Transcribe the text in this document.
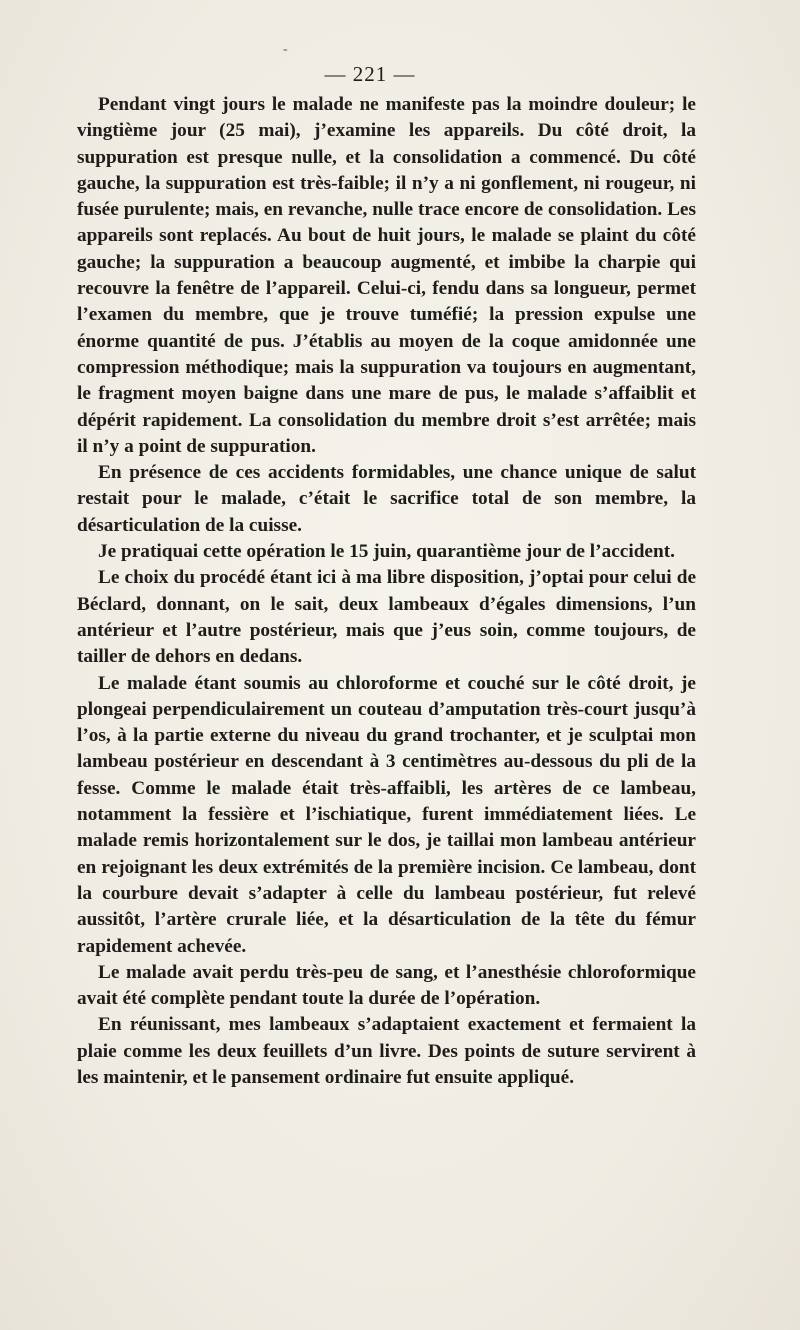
-
— 221 —

Pendant vingt jours le malade ne manifeste pas la moindre douleur; le vingtième jour (25 mai), j’examine les appareils. Du côté droit, la suppuration est presque nulle, et la consolidation a commencé. Du côté gauche, la suppuration est très-faible; il n’y a ni gonflement, ni rougeur, ni fusée purulente; mais, en revanche, nulle trace encore de consolidation. Les appareils sont replacés. Au bout de huit jours, le malade se plaint du côté gauche; la suppuration a beaucoup augmenté, et imbibe la charpie qui recouvre la fenêtre de l’appareil. Celui-ci, fendu dans sa longueur, permet l’examen du membre, que je trouve tuméfié; la pression expulse une énorme quantité de pus. J’établis au moyen de la coque amidonnée une compression méthodique; mais la suppuration va toujours en augmentant, le fragment moyen baigne dans une mare de pus, le malade s’affaiblit et dépérit rapidement. La consolidation du membre droit s’est arrêtée; mais il n’y a point de suppuration.

En présence de ces accidents formidables, une chance unique de salut restait pour le malade, c’était le sacrifice total de son membre, la désarticulation de la cuisse.

Je pratiquai cette opération le 15 juin, quarantième jour de l’accident.

Le choix du procédé étant ici à ma libre disposition, j’optai pour celui de Béclard, donnant, on le sait, deux lambeaux d’égales dimensions, l’un antérieur et l’autre postérieur, mais que j’eus soin, comme toujours, de tailler de dehors en dedans.

Le malade étant soumis au chloroforme et couché sur le côté droit, je plongeai perpendiculairement un couteau d’amputation très-court jusqu’à l’os, à la partie externe du niveau du grand trochanter, et je sculptai mon lambeau postérieur en descendant à 3 centimètres au-dessous du pli de la fesse. Comme le malade était très-affaibli, les artères de ce lambeau, notamment la fessière et l’ischiatique, furent immédiatement liées. Le malade remis horizontalement sur le dos, je taillai mon lambeau antérieur en rejoignant les deux extrémités de la première incision. Ce lambeau, dont la courbure devait s’adapter à celle du lambeau postérieur, fut relevé aussitôt, l’artère crurale liée, et la désarticulation de la tête du fémur rapidement achevée.

Le malade avait perdu très-peu de sang, et l’anesthésie chloroformique avait été complète pendant toute la durée de l’opération.

En réunissant, mes lambeaux s’adaptaient exactement et fermaient la plaie comme les deux feuillets d’un livre. Des points de suture servirent à les maintenir, et le pansement ordinaire fut ensuite appliqué.
